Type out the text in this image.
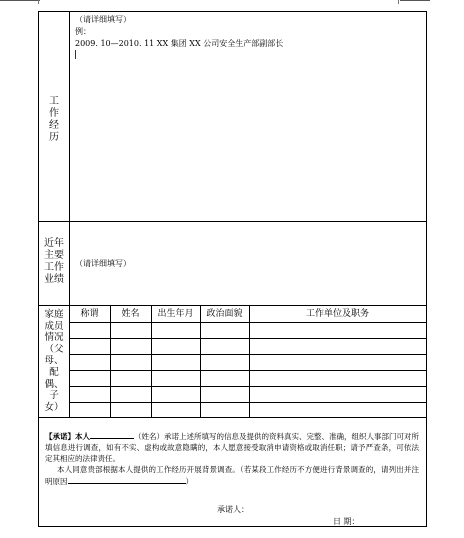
工
作
经
历
（请详细填写）
例：
2009. 10—2010. 11 XX 集团 XX 公司安全生产部副部长
近年
主要
工作
业绩
（请详细填写）
家庭
成员
情况
（父
母、
配
偶、
子
女）
称谓	姓名	出生年月	政治面貌	工作单位及职务
【承诺】本人	（姓名）承诺上述所填写的信息及提供的资料真实、完整、准确，组织人事部门可对所填信息进行调查，如有不实、虚构或故意隐瞒的，本人愿意接受取消申请资格或取消任职；请予严查条，可依法定其相应的法律责任。
本人同意贵部根据本人提供的工作经历开展背景调查。（若某段工作经历不方便进行背景调查的，请列出并注明原因	）
承诺人：
日 期：
